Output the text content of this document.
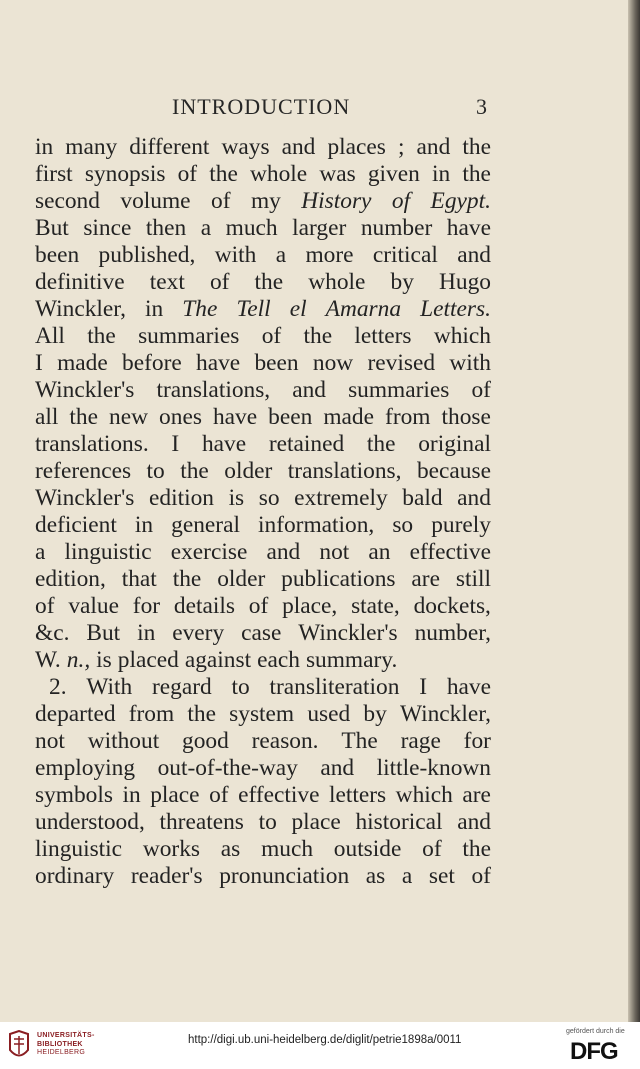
INTRODUCTION	3
in many different ways and places ; and the
first synopsis of the whole was given in the
second volume of my History of Egypt.
But since then a much larger number have
been published, with a more critical and
definitive text of the whole by Hugo
Winckler, in The Tell el Amarna Letters.
All the summaries of the letters which
I made before have been now revised with
Winckler's translations, and summaries of
all the new ones have been made from those
translations. I have retained the original
references to the older translations, because
Winckler's edition is so extremely bald and
deficient in general information, so purely
a linguistic exercise and not an effective
edition, that the older publications are still
of value for details of place, state, dockets,
&c. But in every case Winckler's number,
W. n., is placed against each summary.
2. With regard to transliteration I have
departed from the system used by Winckler,
not without good reason. The rage for
employing out-of-the-way and little-known
symbols in place of effective letters which are
understood, threatens to place historical and
linguistic works as much outside of the
ordinary reader's pronunciation as a set of
UNIVERSITÄTS-
BIBLIOTHEK
HEIDELBERG
http://digi.ub.uni-heidelberg.de/diglit/petrie1898a/0011
gefördert durch die
DFG
